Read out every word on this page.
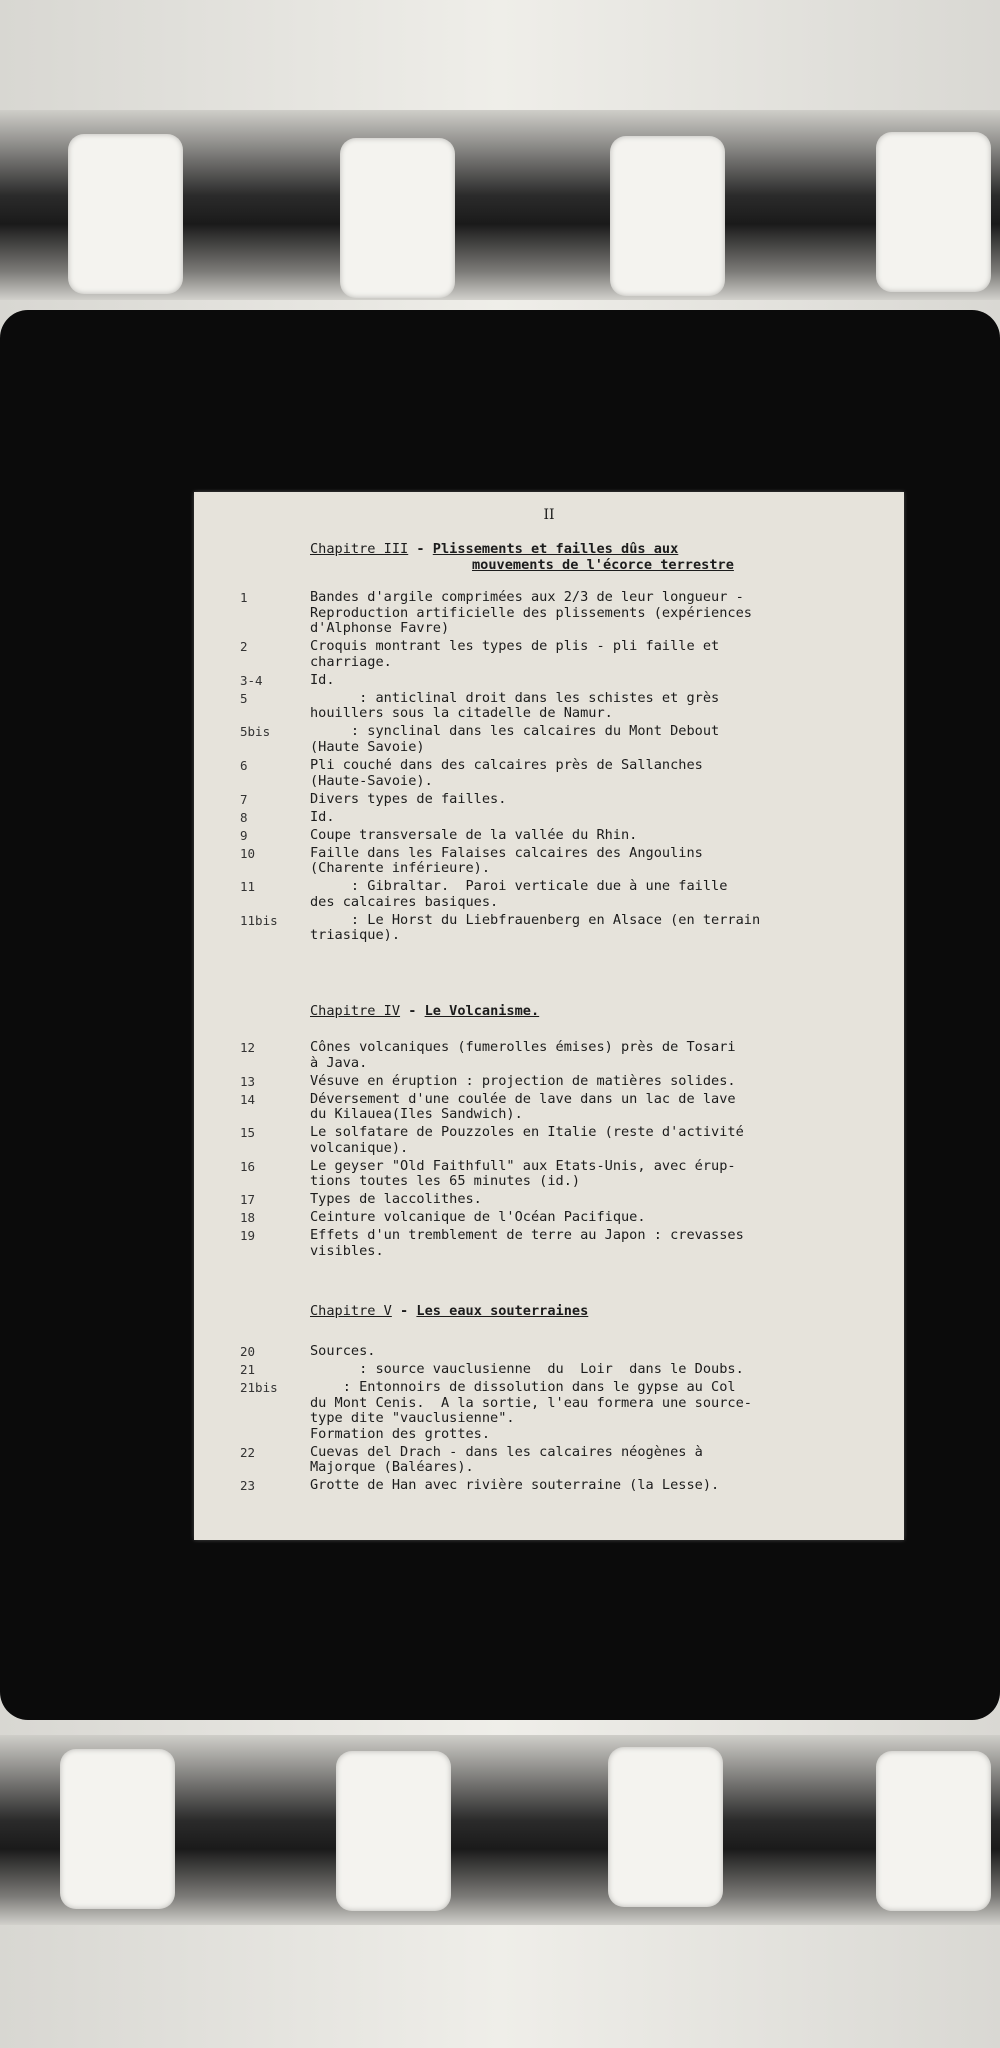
II
Chapitre III - Plissements et failles dûs aux
mouvements de l'écorce terrestre
1	Bandes d'argile comprimées aux 2/3 de leur longueur -
Reproduction artificielle des plissements (expériences
d'Alphonse Favre)
2	Croquis montrant les types de plis - pli faille et
charriage.
3-4	Id.
5	: anticlinal droit dans les schistes et grès
houillers sous la citadelle de Namur.
5bis	: synclinal dans les calcaires du Mont Debout
(Haute Savoie)
6	Pli couché dans des calcaires près de Sallanches
(Haute-Savoie).
7	Divers types de failles.
8	Id.
9	Coupe transversale de la vallée du Rhin.
10	Faille dans les Falaises calcaires des Angoulins
(Charente inférieure).
11	: Gibraltar.  Paroi verticale due à une faille
des calcaires basiques.
11bis : Le Horst du Liebfrauenberg en Alsace (en terrain
triasique).
Chapitre IV - Le Volcanisme.
12	Cônes volcaniques (fumerolles émises) près de Tosari
à Java.
13	Vésuve en éruption : projection de matières solides.
14	Déversement d'une coulée de lave dans un lac de lave
du Kilauea(Iles Sandwich).
15	Le solfatare de Pouzzoles en Italie (reste d'activité
volcanique).
16	Le geyser "Old Faithfull" aux Etats-Unis, avec érup-
tions toutes les 65 minutes (id.)
17	Types de laccolithes.
18	Ceinture volcanique de l'Océan Pacifique.
19	Effets d'un tremblement de terre au Japon : crevasses
visibles.
Chapitre V - Les eaux souterraines
20	Sources.
21	: source vauclusienne  du  Loir  dans le Doubs.
21bis : Entonnoirs de dissolution dans le gypse au Col
du Mont Cenis.  A la sortie, l'eau formera une source-
type dite "vauclusienne".
Formation des grottes.
22	Cuevas del Drach - dans les calcaires néogènes à
Majorque (Baléares).
23	Grotte de Han avec rivière souterraine (la Lesse).
